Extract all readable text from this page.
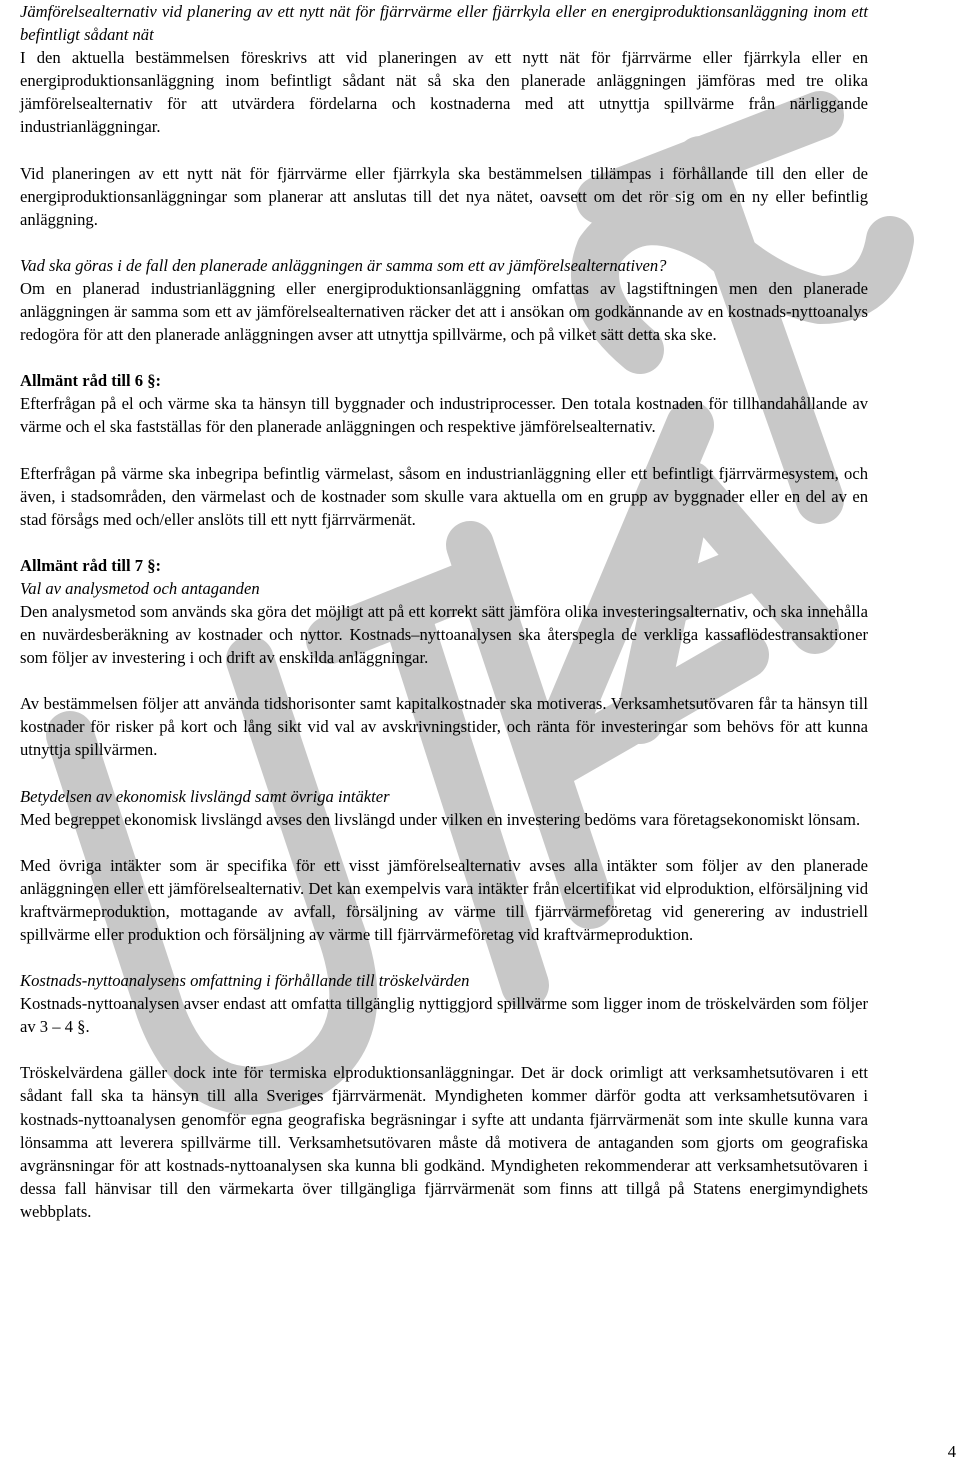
Jämförelsealternativ vid planering av ett nytt nät för fjärrvärme eller fjärrkyla eller en energiproduktionsanläggning inom ett befintligt sådant nät

I den aktuella bestämmelsen föreskrivs att vid planeringen av ett nytt nät för fjärrvärme eller fjärrkyla eller en energiproduktionsanläggning inom befintligt sådant nät så ska den planerade anläggningen jämföras med tre olika jämförelsealternativ för att utvärdera fördelarna och kostnaderna med att utnyttja spillvärme från närliggande industrianläggningar.

Vid planeringen av ett nytt nät för fjärrvärme eller fjärrkyla ska bestämmelsen tillämpas i förhållande till den eller de energiproduktionsanläggningar som planerar att anslutas till det nya nätet, oavsett om det rör sig om en ny eller befintlig anläggning.

Vad ska göras i de fall den planerade anläggningen är samma som ett av jämförelsealternativen?

Om en planerad industrianläggning eller energiproduktionsanläggning omfattas av lagstiftningen men den planerade anläggningen är samma som ett av jämförelsealternativen räcker det att i ansökan om godkännande av en kostnads-nyttoanalys redogöra för att den planerade anläggningen avser att utnyttja spillvärme, och på vilket sätt detta ska ske.

Allmänt råd till 6 §:

Efterfrågan på el och värme ska ta hänsyn till byggnader och industriprocesser. Den totala kostnaden för tillhandahållande av värme och el ska fastställas för den planerade anläggningen och respektive jämförelsealternativ.

Efterfrågan på värme ska inbegripa befintlig värmelast, såsom en industrianläggning eller ett befintligt fjärrvärmesystem, och även, i stadsområden, den värmelast och de kostnader som skulle vara aktuella om en grupp av byggnader eller en del av en stad försågs med och/eller anslöts till ett nytt fjärrvärmenät.

Allmänt råd till 7 §:

Val av analysmetod och antaganden

Den analysmetod som används ska göra det möjligt att på ett korrekt sätt jämföra olika investeringsalternativ, och ska innehålla en nuvärdesberäkning av kostnader och nyttor. Kostnads–nyttoanalysen ska återspegla de verkliga kassaflödestransaktioner som följer av investering i och drift av enskilda anläggningar.

Av bestämmelsen följer att använda tidshorisonter samt kapitalkostnader ska motiveras. Verksamhetsutövaren får ta hänsyn till kostnader för risker på kort och lång sikt vid val av avskrivningstider, och ränta för investeringar som behövs för att kunna utnyttja spillvärmen.

Betydelsen av ekonomisk livslängd samt övriga intäkter

Med begreppet ekonomisk livslängd avses den livslängd under vilken en investering bedöms vara företagsekonomiskt lönsam.

Med övriga intäkter som är specifika för ett visst jämförelsealternativ avses alla intäkter som följer av den planerade anläggningen eller ett jämförelsealternativ. Det kan exempelvis vara intäkter från elcertifikat vid elproduktion, elförsäljning vid kraftvärmeproduktion, mottagande av avfall, försäljning av värme till fjärrvärmeföretag vid generering av industriell spillvärme eller produktion och försäljning av värme till fjärrvärmeföretag vid kraftvärmeproduktion.

Kostnads-nyttoanalysens omfattning i förhållande till tröskelvärden

Kostnads-nyttoanalysen avser endast att omfatta tillgänglig nyttiggjord spillvärme som ligger inom de tröskelvärden som följer av 3 – 4 §.

Tröskelvärdena gäller dock inte för termiska elproduktionsanläggningar. Det är dock orimligt att verksamhetsutövaren i ett sådant fall ska ta hänsyn till alla Sveriges fjärrvärmenät. Myndigheten kommer därför godta att verksamhetsutövaren i kostnads-nyttoanalysen genomför egna geografiska begräsningar i syfte att undanta fjärrvärmenät som inte skulle kunna vara lönsamma att leverera spillvärme till. Verksamhetsutövaren måste då motivera de antaganden som gjorts om geografiska avgränsningar för att kostnads-nyttoanalysen ska kunna bli godkänd. Myndigheten rekommenderar att verksamhetsutövaren i dessa fall hänvisar till den värmekarta över tillgängliga fjärrvärmenät som finns att tillgå på Statens energimyndighets webbplats.

4
